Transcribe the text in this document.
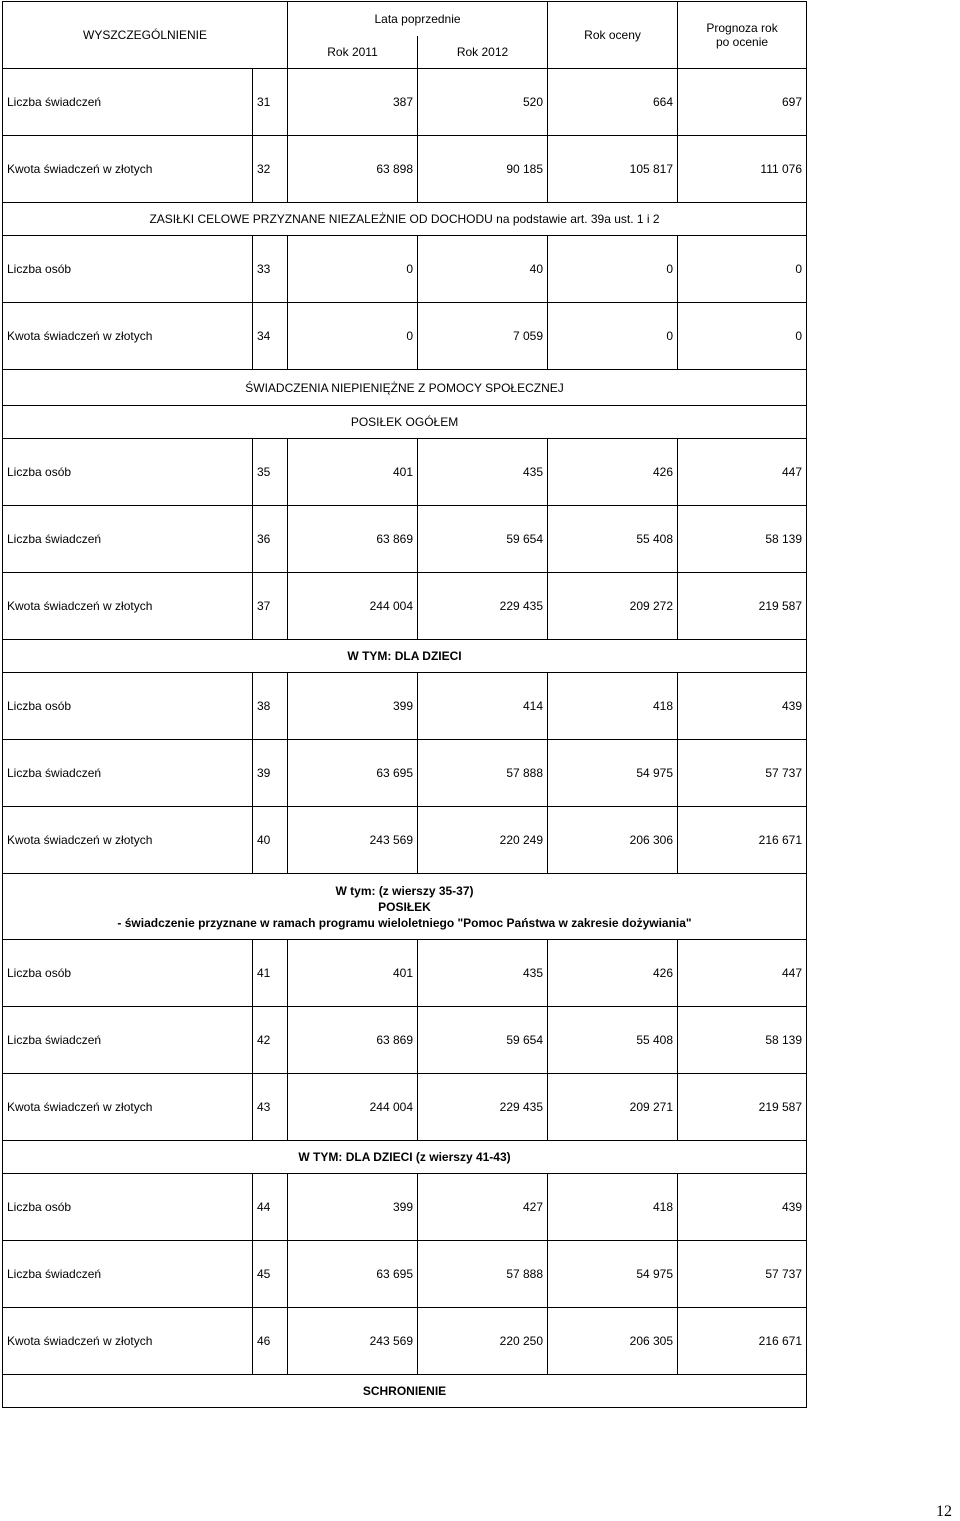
WYSZCZEGÓLNIENIE		Lata poprzednie		Rok oceny	Prognoza rok
po ocenie

		Rok 2011	Rok 2012		
Liczba świadczeń	31	387	520	664	697
Kwota świadczeń w złotych	32	63 898	90 185	105 817	111 076
ZASIŁKI CELOWE PRZYZNANE NIEZALEŻNIE OD DOCHODU na podstawie art. 39a ust. 1 i 2					
Liczba osób	33	0	40	0	0
Kwota świadczeń w złotych	34	0	7 059	0	0
ŚWIADCZENIA NIEPIENIĘŻNE Z POMOCY SPOŁECZNEJ					
POSIŁEK OGÓŁEM					
Liczba osób	35	401	435	426	447
Liczba świadczeń	36	63 869	59 654	55 408	58 139
Kwota świadczeń w złotych	37	244 004	229 435	209 272	219 587
W TYM: DLA DZIECI					
Liczba osób	38	399	414	418	439
Liczba świadczeń	39	63 695	57 888	54 975	57 737
Kwota świadczeń w złotych	40	243 569	220 249	206 306	216 671

W tym: (z wierszy 35-37)
POSIŁEK
- świadczenie przyznane w ramach programu wieloletniego "Pomoc Państwa w zakresie dożywiania"					

Liczba osób	41	401	435	426	447
Liczba świadczeń	42	63 869	59 654	55 408	58 139
Kwota świadczeń w złotych	43	244 004	229 435	209 271	219 587
W TYM: DLA DZIECI (z wierszy 41-43)					
Liczba osób	44	399	427	418	439
Liczba świadczeń	45	63 695	57 888	54 975	57 737
Kwota świadczeń w złotych	46	243 569	220 250	206 305	216 671
SCHRONIENIE					
12
